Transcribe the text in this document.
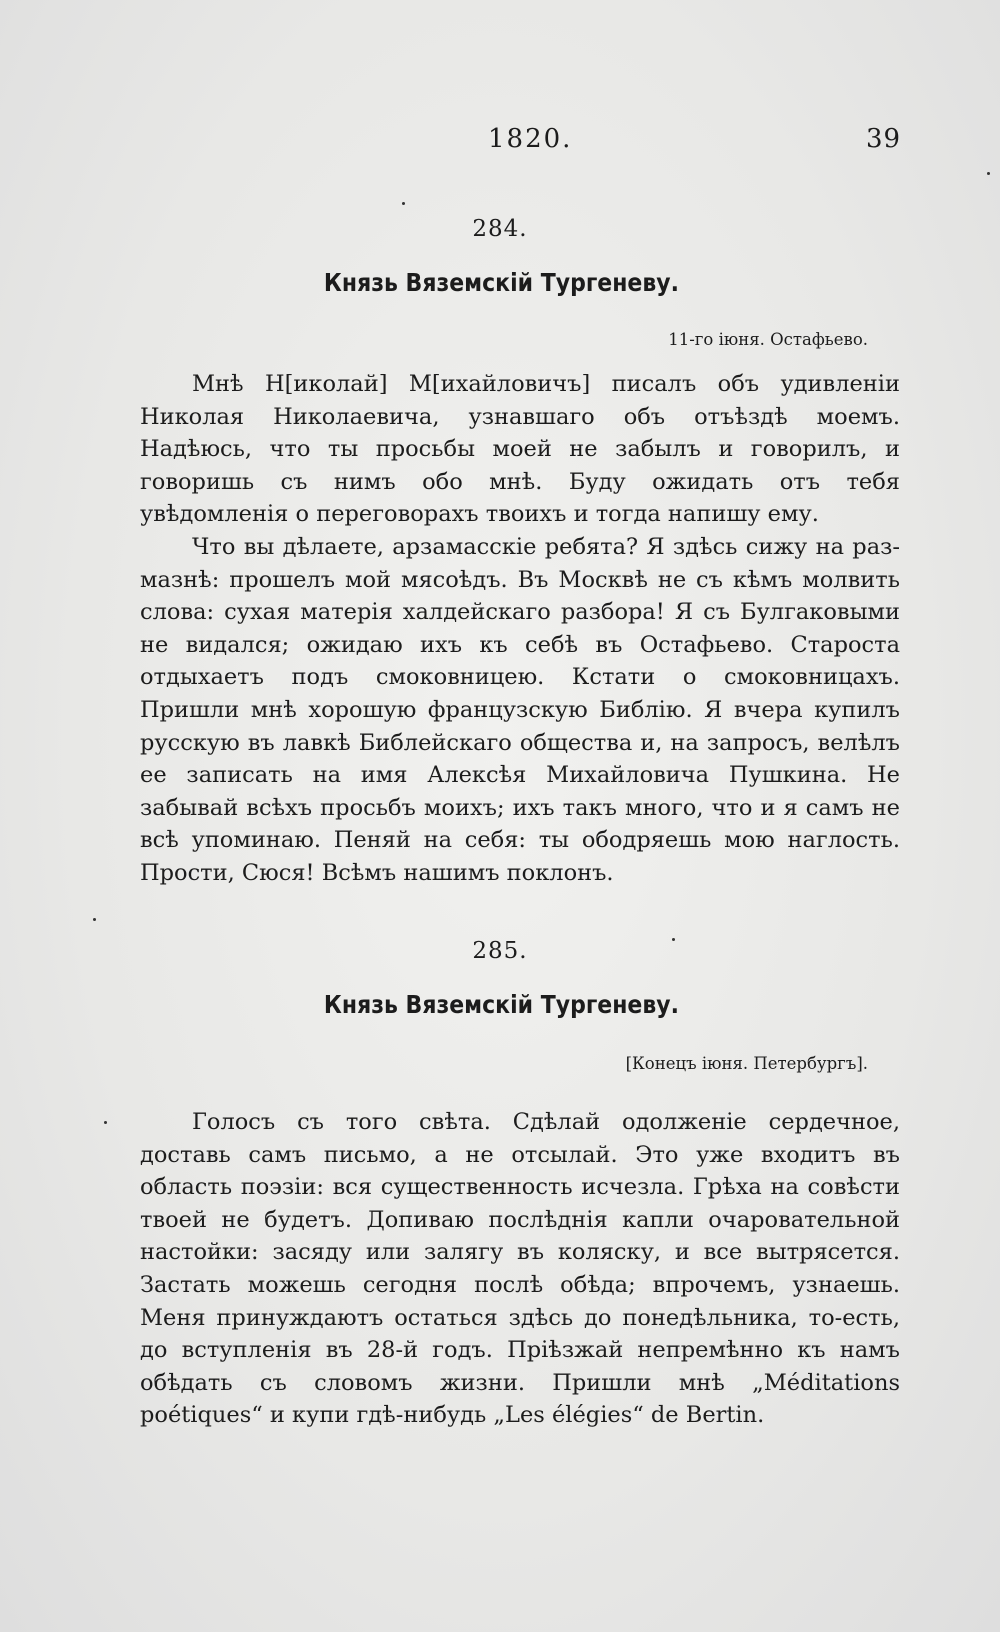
1820.	39
284.
Князь Вяземскій Тургеневу.
11-го іюня. Остафьево.

Мнѣ Н[иколай] М[ихайловичъ] писалъ объ удивленіи Николая Николаевича, узнавшаго объ отъѣздѣ моемъ. Надѣюсь, что ты просьбы моей не забылъ и говорилъ, и говоришь съ нимъ обо мнѣ. Буду ожидать отъ тебя увѣдомленія о переговорахъ твоихъ и тогда напишу ему.

Что вы дѣлаете, арзамасскіе ребята? Я здѣсь сижу на размазнѣ: прошелъ мой мясоѣдъ. Въ Москвѣ не съ кѣмъ молвить слова: сухая матерія халдейскаго разбора! Я съ Булгаковыми не видался; ожидаю ихъ къ себѣ въ Остафьево. Староста отдыхаетъ подъ смоковницею. Кстати о смоковницахъ. Пришли мнѣ хорошую французскую Библію. Я вчера купилъ русскую въ лавкѣ Библейскаго общества и, на запросъ, велѣлъ ее записать на имя Алексѣя Михайловича Пушкина. Не забывай всѣхъ просьбъ моихъ; ихъ такъ много, что и я самъ не всѣ упоминаю. Пеняй на себя: ты ободряешь мою наглость. Прости, Сюся! Всѣмъ нашимъ поклонъ.

285.
Князь Вяземскій Тургеневу.
[Конецъ іюня. Петербургъ].

Голосъ съ того свѣта. Сдѣлай одолженіе сердечное, доставь самъ письмо, а не отсылай. Это уже входитъ въ область поэзіи: вся существенность исчезла. Грѣха на совѣсти твоей не будетъ. Допиваю послѣднія капли очаровательной настойки: засяду или залягу въ коляску, и все вытрясется. Застать можешь сегодня послѣ обѣда; впрочемъ, узнаешь. Меня принуждаютъ остаться здѣсь до понедѣльника, то-есть, до вступленія въ 28-й годъ. Пріѣзжай непремѣнно къ намъ обѣдать съ словомъ жизни. Пришли мнѣ „Méditations poétiques“ и купи гдѣ-нибудь „Les élégies“ de Bertin.
